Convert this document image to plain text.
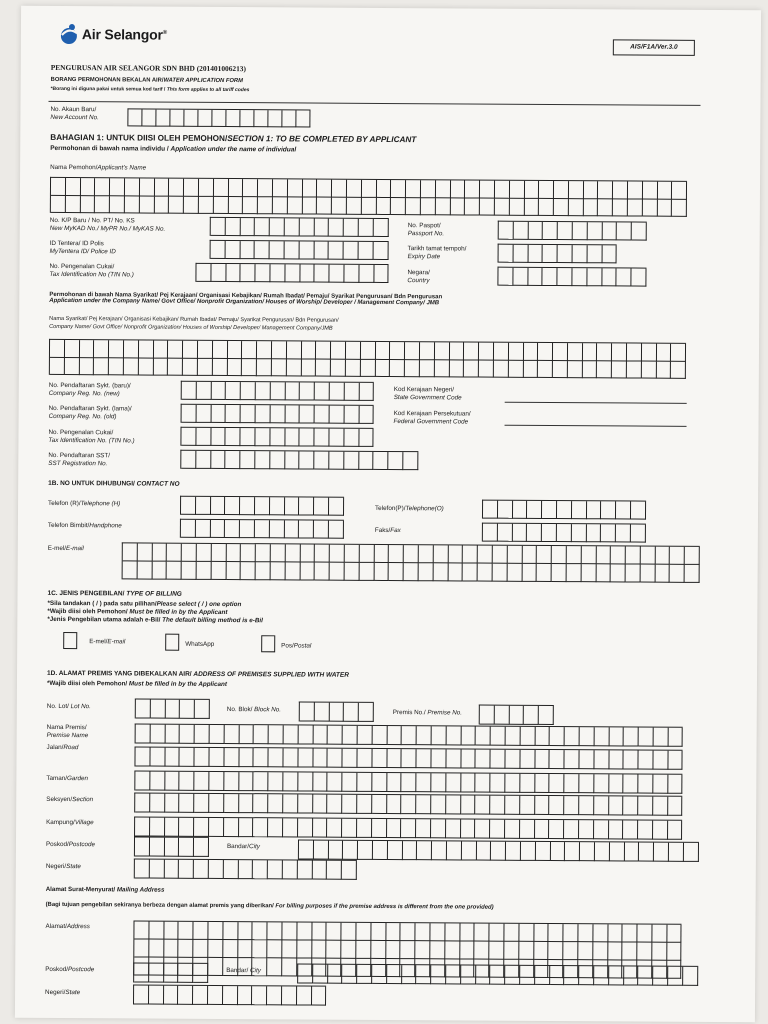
Air Selangor®
AIS/F1A/Ver.3.0
PENGURUSAN AIR SELANGOR SDN BHD (201401006213)
BORANG PERMOHONAN BEKALAN AIR/WATER APPLICATION FORM
*Borang ini diguna pakai untuk semua kod tarif / This form applies to all tariff codes
No. Akaun Baru/
New Account No.
BAHAGIAN 1: UNTUK DIISI OLEH PEMOHON/SECTION 1: TO BE COMPLETED BY APPLICANT
Permohonan di bawah nama individu / Application under the name of individual
Nama Pemohon/Applicant's Name
No. K/P Baru / No. PT/ No. KS
New MyKAD No./ MyPR No./ MyKAS No.
ID Tentera/ ID Polis
MyTentera ID/ Police ID
No. Pengenalan Cukai/
Tax Identification No (TIN No.)
No. Paspot/
Passport No.
Tarikh tamat tempoh/
Expiry Date
Negara/
Country
Permohonan di bawah Nama Syarikat/ Pej Kerajaan/ Organisasi Kebajikan/ Rumah Ibadat/ Pemaju/ Syarikat Pengurusan/ Bdn Pengurusan
Application under the Company Name/ Govt Office/ Nonprofit Organization/ Houses of Worship/ Developer / Management Company/ JMB
Nama Syarikat/ Pej Kerajaan/ Organisasi Kebajikan/ Rumah Ibadat/ Pemaju/ Syarikat Pengurusan/ Bdn Pengurusan/
Company Name/ Govt Office/ Nonprofit Organization/ Houses of Worship/ Developer/ Management Company/JMB
No. Pendaftaran Sykt. (baru)/
Company Reg. No. (new)
No. Pendaftaran Sykt. (lama)/
Company Reg. No. (old)
No. Pengenalan Cukai/
Tax Identification No. (TIN No.)
No. Pendaftaran SST/
SST Registration No.
Kod Kerajaan Negeri/
State Government Code
Kod Kerajaan Persekutuan/
Federal Government Code
1B. NO UNTUK DIHUBUNGI/ CONTACT NO
Telefon (R)/Telephone (H)
Telefon Bimbit/Handphone
Telefon(P)/Telephone(O)
Faks/Fax
E-mel/E-mail
1C. JENIS PENGEBILAN/ TYPE OF BILLING
*Sila tandakan ( / ) pada satu pilihan/Please select ( / ) one option
*Wajib diisi oleh Pemohon/ Must be filled in by the Applicant
*Jenis Pengebilan utama adalah e-Bil/ The default billing method is e-Bil
E-mel/E-mail	WhatsApp	Pos/Postal
1D. ALAMAT PREMIS YANG DIBEKALKAN AIR/ ADDRESS OF PREMISES SUPPLIED WITH WATER
*Wajib diisi oleh Pemohon/ Must be filled in by the Applicant
No. Lot/ Lot No.	No. Blok/ Block No.	Premis No./ Premise No.
Nama Premis/
Premise Name
Jalan/Road
Taman/Garden
Seksyen/Section
Kampung/Village
Poskod/Postcode	Bandar/City
Negeri/State
Alamat Surat-Menyurat/ Mailing Address
(Bagi tujuan pengebilan sekiranya berbeza dengan alamat premis yang diberikan/ For billing purposes if the premise address is different from the one provided)
Alamat/Address
Poskod/Postcode	Bandar/ City
Negeri/State
